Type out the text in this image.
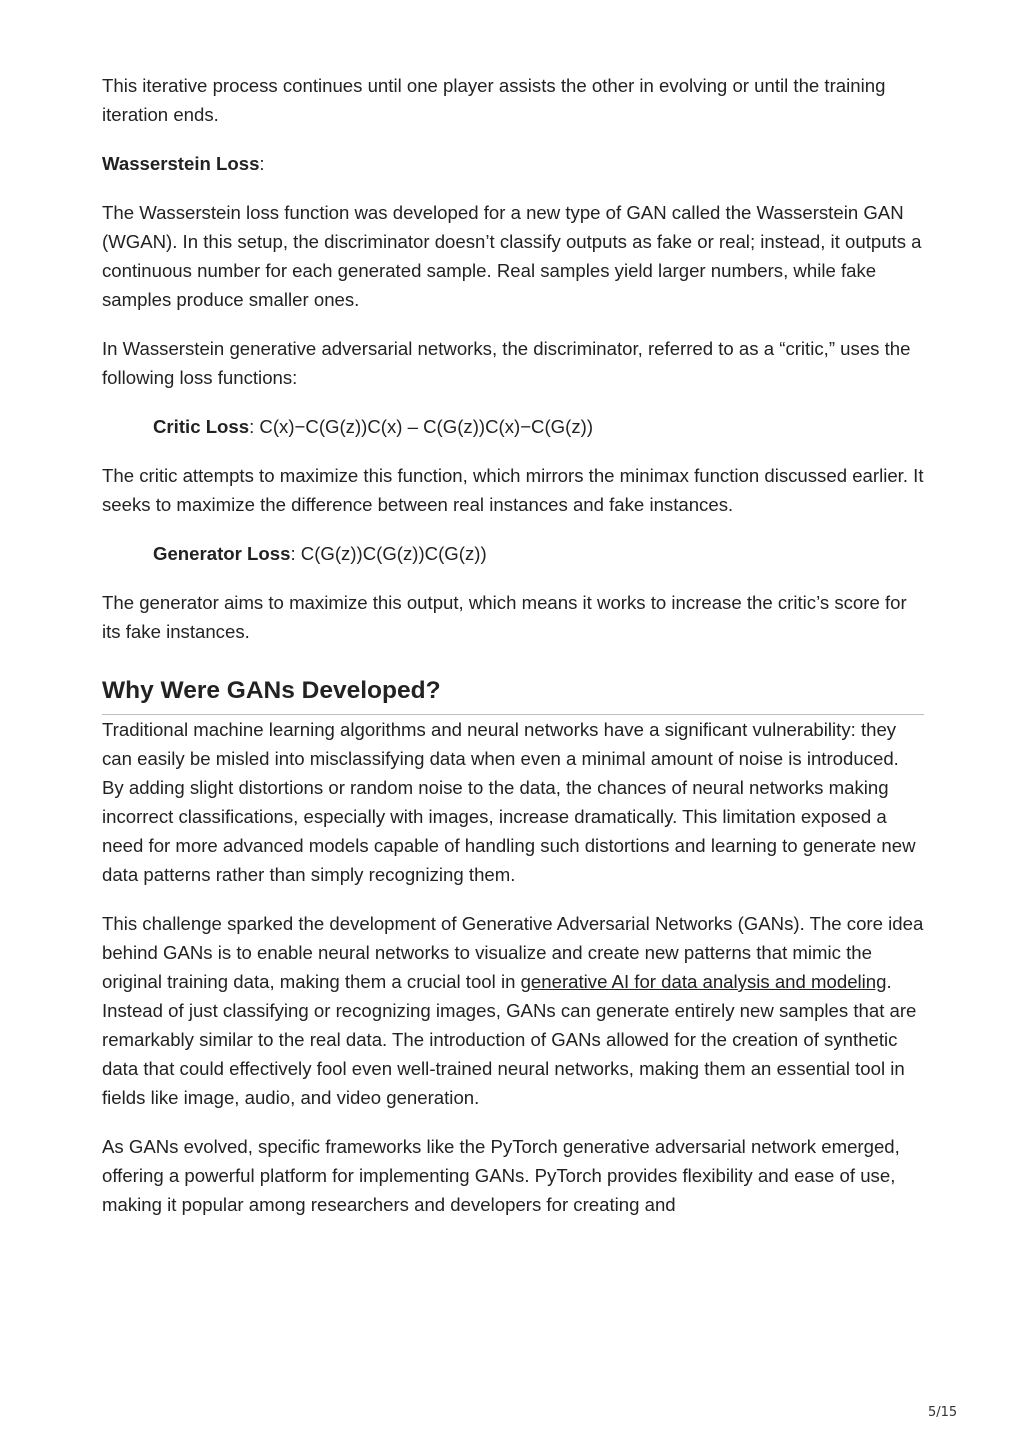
This iterative process continues until one player assists the other in evolving or until the training iteration ends.

Wasserstein Loss:

The Wasserstein loss function was developed for a new type of GAN called the Wasserstein GAN (WGAN). In this setup, the discriminator doesn’t classify outputs as fake or real; instead, it outputs a continuous number for each generated sample. Real samples yield larger numbers, while fake samples produce smaller ones.

In Wasserstein generative adversarial networks, the discriminator, referred to as a “critic,” uses the following loss functions:

Critic Loss: C(x)−C(G(z))C(x) – C(G(z))C(x)−C(G(z))

The critic attempts to maximize this function, which mirrors the minimax function discussed earlier. It seeks to maximize the difference between real instances and fake instances.

Generator Loss: C(G(z))C(G(z))C(G(z))

The generator aims to maximize this output, which means it works to increase the critic’s score for its fake instances.

Why Were GANs Developed?

Traditional machine learning algorithms and neural networks have a significant vulnerability: they can easily be misled into misclassifying data when even a minimal amount of noise is introduced. By adding slight distortions or random noise to the data, the chances of neural networks making incorrect classifications, especially with images, increase dramatically. This limitation exposed a need for more advanced models capable of handling such distortions and learning to generate new data patterns rather than simply recognizing them.

This challenge sparked the development of Generative Adversarial Networks (GANs). The core idea behind GANs is to enable neural networks to visualize and create new patterns that mimic the original training data, making them a crucial tool in generative AI for data analysis and modeling. Instead of just classifying or recognizing images, GANs can generate entirely new samples that are remarkably similar to the real data. The introduction of GANs allowed for the creation of synthetic data that could effectively fool even well-trained neural networks, making them an essential tool in fields like image, audio, and video generation.

As GANs evolved, specific frameworks like the PyTorch generative adversarial network emerged, offering a powerful platform for implementing GANs. PyTorch provides flexibility and ease of use, making it popular among researchers and developers for creating and

5/15
